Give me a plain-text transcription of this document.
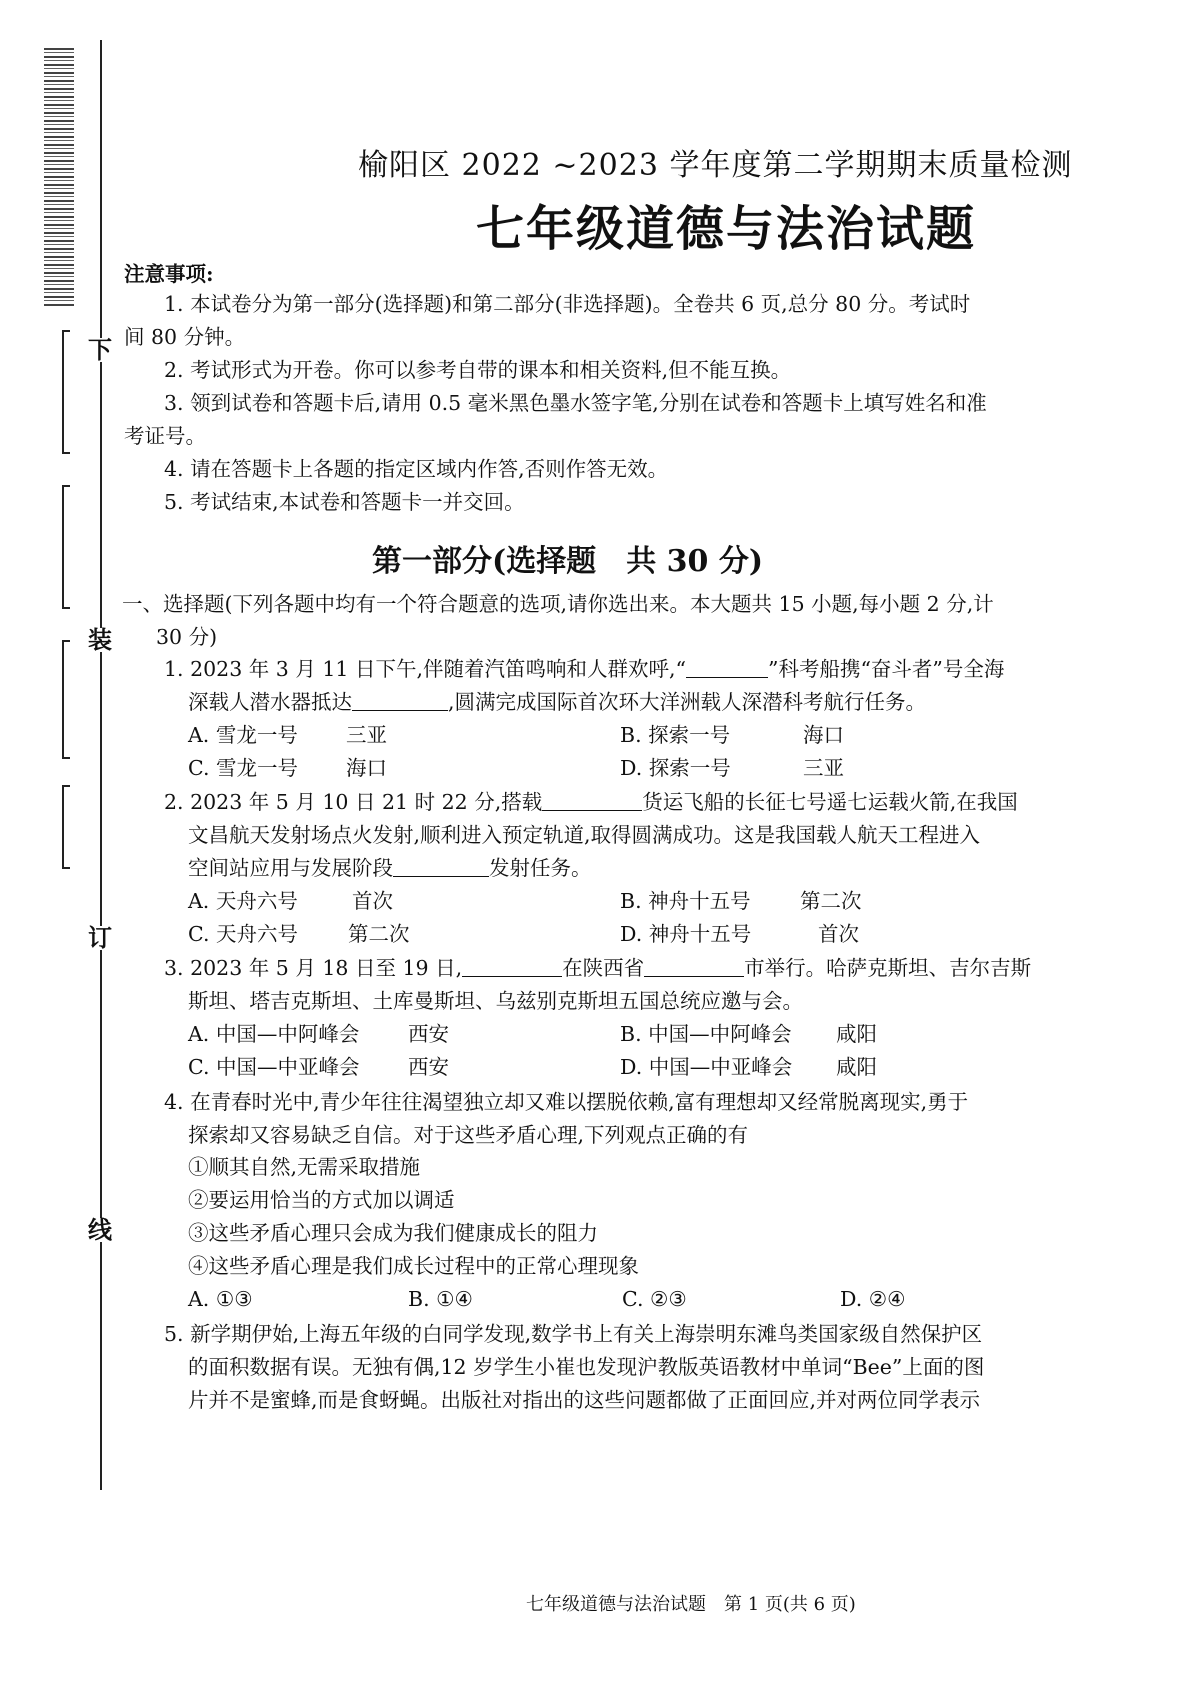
下
装
订
线
榆阳区 2022 ~2023 学年度第二学期期末质量检测
七年级道德与法治试题
注意事项:
1. 本试卷分为第一部分(选择题)和第二部分(非选择题)。全卷共 6 页,总分 80 分。考试时
间 80 分钟。
2. 考试形式为开卷。你可以参考自带的课本和相关资料,但不能互换。
3. 领到试卷和答题卡后,请用 0.5 毫米黑色墨水签字笔,分别在试卷和答题卡上填写姓名和准
考证号。
4. 请在答题卡上各题的指定区域内作答,否则作答无效。
5. 考试结束,本试卷和答题卡一并交回。
第一部分(选择题　共 30 分)
一、选择题(下列各题中均有一个符合题意的选项,请你选出来。本大题共 15 小题,每小题 2 分,计
30 分)
1. 2023 年 3 月 11 日下午,伴随着汽笛鸣响和人群欢呼,“	”科考船携“奋斗者”号全海
深载人潜水器抵达	,圆满完成国际首次环大洋洲载人深潜科考航行任务。
A. 雪龙一号 三亚	B. 探索一号	海口
C. 雪龙一号 海口	D. 探索一号	三亚
2. 2023 年 5 月 10 日 21 时 22 分,搭载	货运飞船的长征七号遥七运载火箭,在我国
文昌航天发射场点火发射,顺利进入预定轨道,取得圆满成功。这是我国载人航天工程进入
空间站应用与发展阶段	发射任务。
A. 天舟六号	首次	B. 神舟十五号 第二次
C. 天舟六号 第二次	D. 神舟十五号	首次
3. 2023 年 5 月 18 日至 19 日,	在陕西省	市举行。哈萨克斯坦、吉尔吉斯
斯坦、塔吉克斯坦、土库曼斯坦、乌兹别克斯坦五国总统应邀与会。
A. 中国—中阿峰会 西安	B. 中国—中阿峰会 咸阳
C. 中国—中亚峰会 西安	D. 中国—中亚峰会 咸阳
4. 在青春时光中,青少年往往渴望独立却又难以摆脱依赖,富有理想却又经常脱离现实,勇于
探索却又容易缺乏自信。对于这些矛盾心理,下列观点正确的有
①顺其自然,无需采取措施
②要运用恰当的方式加以调适
③这些矛盾心理只会成为我们健康成长的阻力
④这些矛盾心理是我们成长过程中的正常心理现象
A. ①③	B. ①④	C. ②③	D. ②④
5. 新学期伊始,上海五年级的白同学发现,数学书上有关上海崇明东滩鸟类国家级自然保护区
的面积数据有误。无独有偶,12 岁学生小崔也发现沪教版英语教材中单词“Bee”上面的图
片并不是蜜蜂,而是食蚜蝇。出版社对指出的这些问题都做了正面回应,并对两位同学表示
七年级道德与法治试题　第 1 页(共 6 页)
